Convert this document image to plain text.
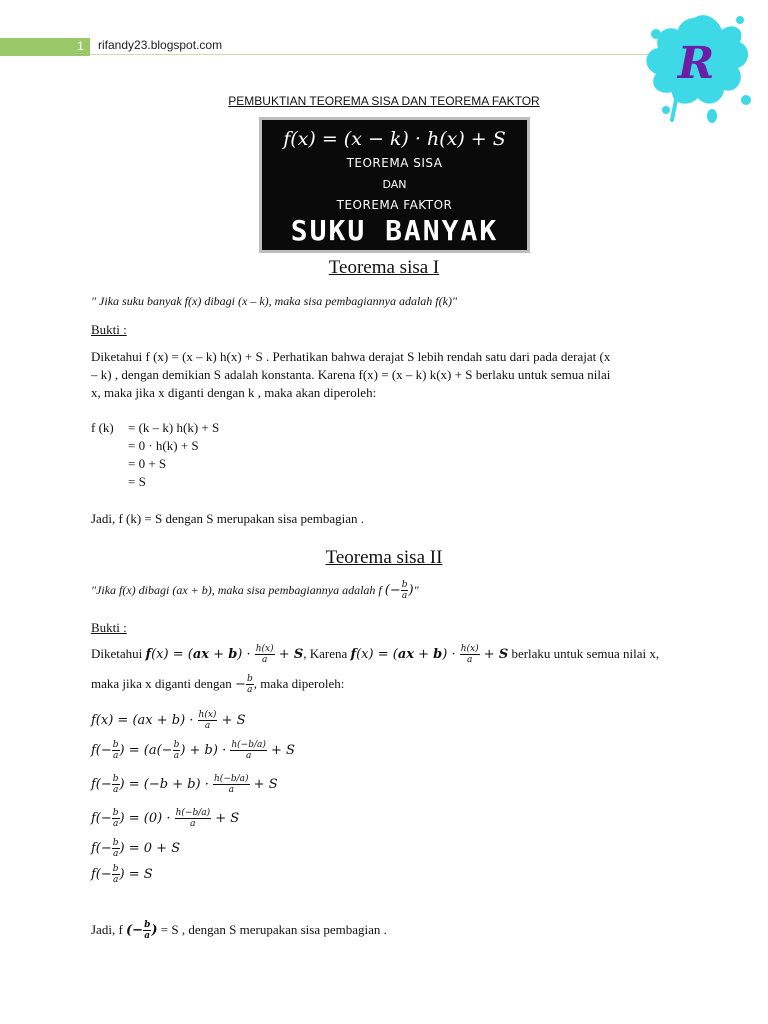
1	rifandy23.blogspot.com	R
PEMBUKTIAN TEOREMA SISA DAN TEOREMA FAKTOR
f(x) = (x − k) · h(x) + S
TEOREMA SISA
DAN
TEOREMA FAKTOR
SUKU BANYAK
Teorema sisa I
" Jika suku banyak f(x) dibagi (x – k), maka sisa pembagiannya adalah f(k)"
Bukti :
Diketahui f (x) = (x – k) h(x) + S . Perhatikan bahwa derajat S lebih rendah satu dari pada derajat (x
– k) , dengan demikian S adalah konstanta. Karena f(x) = (x – k) k(x) + S berlaku untuk semua nilai
x, maka jika x diganti dengan k , maka akan diperoleh:
f (k) = (k – k) h(k) + S
= 0 · h(k) + S
= 0 + S
= S
Jadi, f (k) = S dengan S merupakan sisa pembagian .
Teorema sisa II
"Jika f(x) dibagi (ax + b), maka sisa pembagiannya adalah f (− $\frac{b}{a}$ )"
Bukti :
Diketahui $f(x) = (ax + b) \cdot \frac{h(x)}{a} + S$, Karena $f(x) = (ax + b) \cdot \frac{h(x)}{a} + S$ berlaku untuk semua nilai x,
maka jika x diganti dengan − $\frac{b}{a}$ , maka diperoleh:
$f(x) = (ax + b) \cdot \frac{h(x)}{a} + S$
$f(- \frac{b}{a}$ ) = ($a(- \frac{b}{a}$ ) + $b) \cdot \frac{h(-b/a)}{a} + S$
$f(- \frac{b}{a}$ ) = $(-b + b) \cdot \frac{h(-b/a)}{a} + S$
$f(- \frac{b}{a}$ ) = $(0) \cdot \frac{h(-b/a)}{a} + S$
$f(- \frac{b}{a}$ ) = 0 + S
$f(- \frac{b}{a}$ ) = S
Jadi, f (− $\frac{b}{a}$ ) = S , dengan S merupakan sisa pembagian .
